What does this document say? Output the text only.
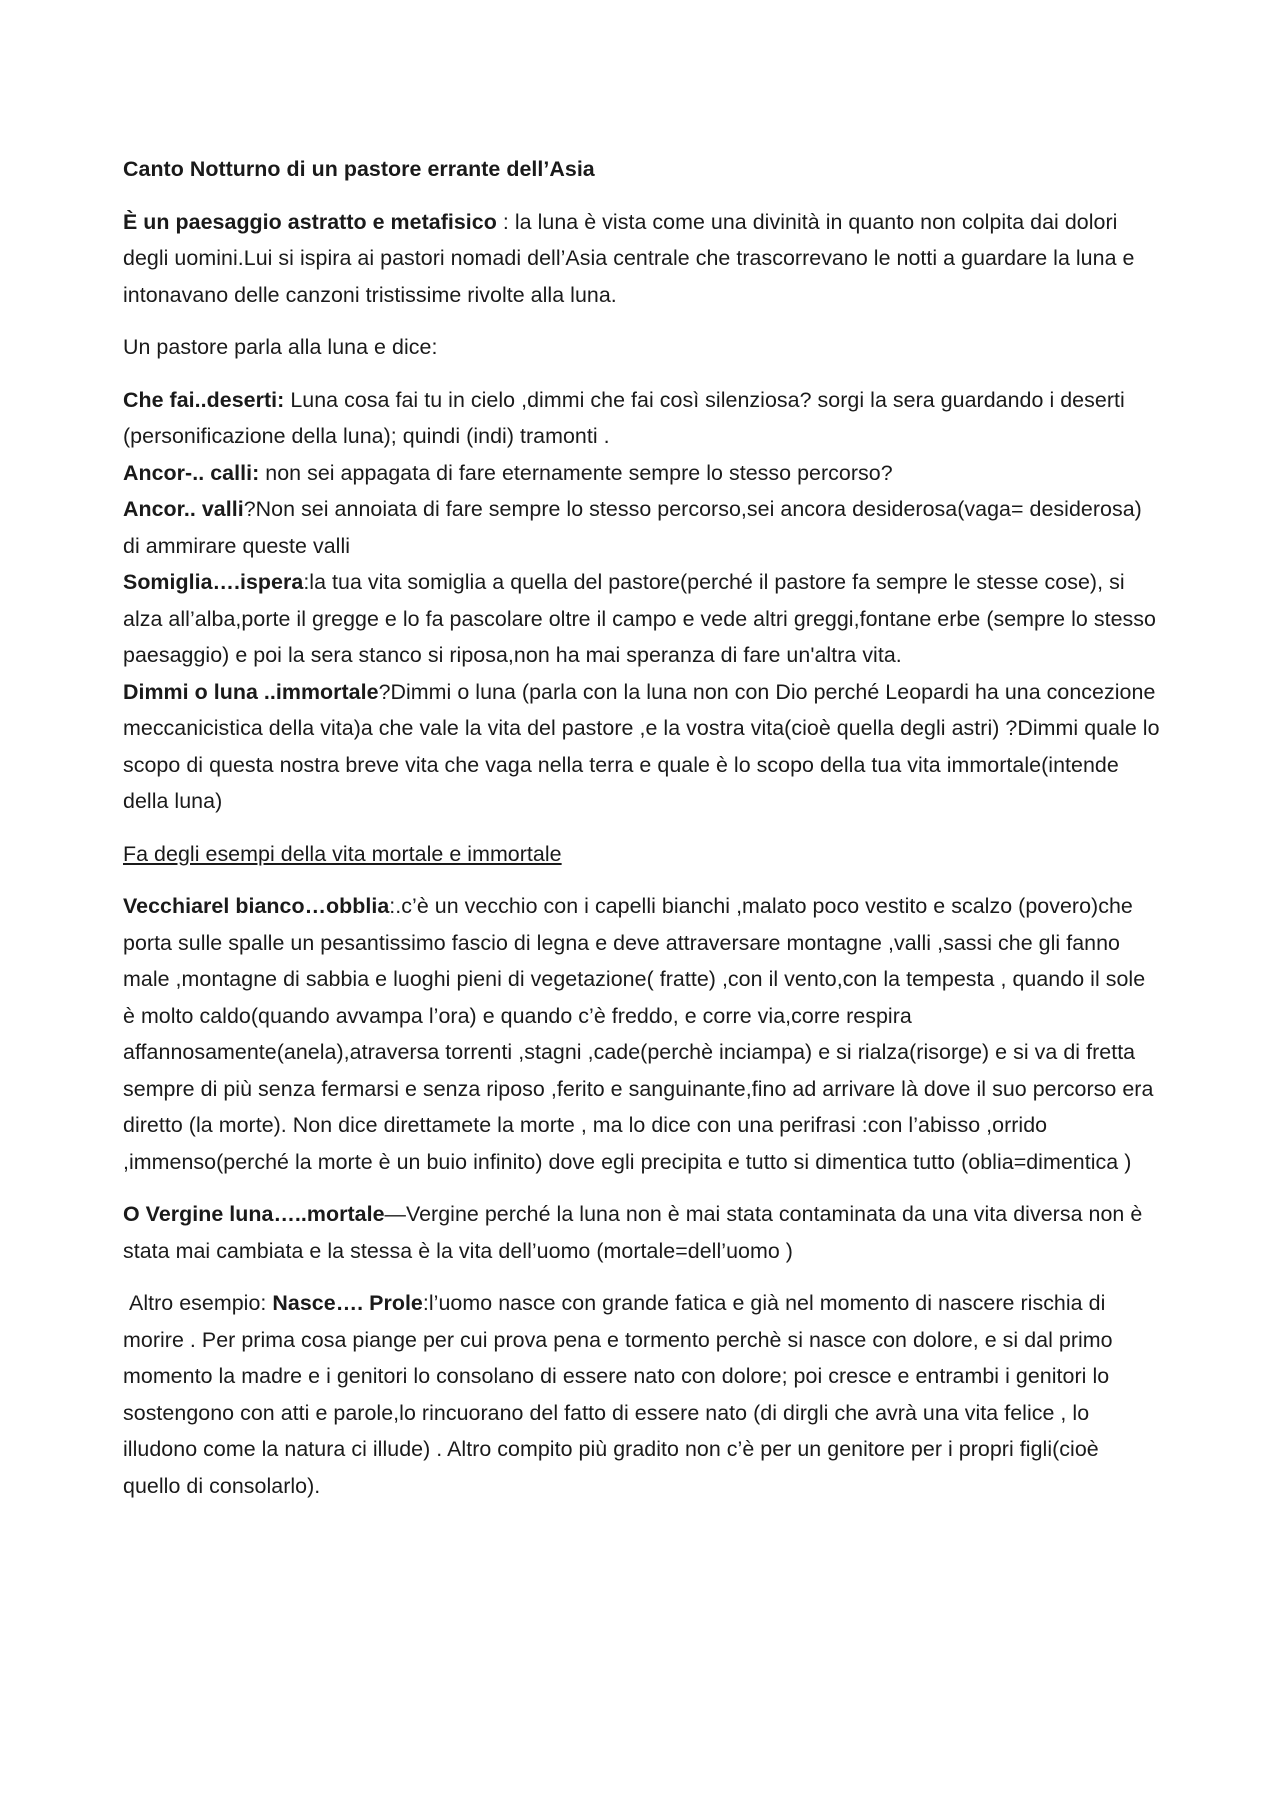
Canto Notturno di un pastore errante dell’Asia

È un paesaggio astratto e metafisico : la luna è vista come una divinità in quanto non colpita dai dolori degli uomini.Lui si ispira ai pastori nomadi dell’Asia centrale che trascorrevano le notti a guardare la luna e intonavano delle canzoni tristissime rivolte alla luna.

Un pastore parla alla luna e dice:

Che fai..deserti: Luna cosa fai tu in cielo ,dimmi che fai così silenziosa? sorgi la sera guardando i deserti (personificazione della luna); quindi (indi) tramonti .

Ancor-.. calli: non sei appagata di fare eternamente sempre lo stesso percorso?

Ancor.. valli?Non sei annoiata di fare sempre lo stesso percorso,sei ancora desiderosa(vaga= desiderosa) di ammirare queste valli

Somiglia….ispera:la tua vita somiglia a quella del pastore(perché il pastore fa sempre le stesse cose), si alza all’alba,porte il gregge e lo fa pascolare oltre il campo e vede altri greggi,fontane erbe (sempre lo stesso paesaggio) e poi la sera stanco si riposa,non ha mai speranza di fare un'altra vita.

Dimmi o luna ..immortale?Dimmi o luna (parla con la luna non con Dio perché Leopardi ha una concezione meccanicistica della vita)a che vale la vita del pastore ,e la vostra vita(cioè quella degli astri) ?Dimmi quale lo scopo di questa nostra breve vita che vaga nella terra e quale è lo scopo della tua vita immortale(intende della luna)

Fa degli esempi della vita mortale e immortale

Vecchiarel bianco…obblia:.c’è un vecchio con i capelli bianchi ,malato poco vestito e scalzo (povero)che porta sulle spalle un pesantissimo fascio di legna e deve attraversare montagne ,valli ,sassi che gli fanno male ,montagne di sabbia e luoghi pieni di vegetazione( fratte) ,con il vento,con la tempesta , quando il sole è molto caldo(quando avvampa l’ora) e quando c’è freddo, e corre via,corre respira affannosamente(anela),atraversa torrenti ,stagni ,cade(perchè inciampa) e si rialza(risorge) e si va di fretta sempre di più senza fermarsi e senza riposo ,ferito e sanguinante,fino ad arrivare là dove il suo percorso era diretto (la morte). Non dice direttamete la morte , ma lo dice con una perifrasi :con l’abisso ,orrido ,immenso(perché la morte è un buio infinito) dove egli precipita e tutto si dimentica tutto (oblia=dimentica )

O Vergine luna…..mortale—Vergine perché la luna non è mai stata contaminata da una vita diversa non è stata mai cambiata e la stessa è la vita dell’uomo (mortale=dell’uomo )

Altro esempio: Nasce…. Prole:l’uomo nasce con grande fatica e già nel momento di nascere rischia di morire . Per prima cosa piange per cui prova pena e tormento perchè si nasce con dolore, e si dal primo momento la madre e i genitori lo consolano di essere nato con dolore; poi cresce e entrambi i genitori lo sostengono con atti e parole,lo rincuorano del fatto di essere nato (di dirgli che avrà una vita felice , lo illudono come la natura ci illude) . Altro compito più gradito non c’è per un genitore per i propri figli(cioè quello di consolarlo).
